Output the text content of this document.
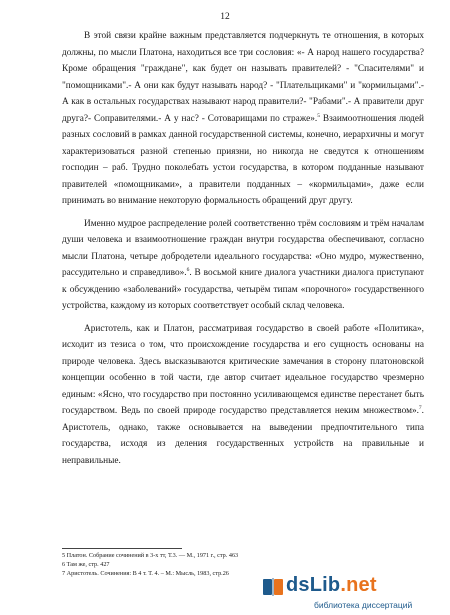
12

В этой связи крайне важным представляется подчеркнуть те отношения, в которых должны, по мысли Платона, находиться все три сословия: «- А народ нашего государства? Кроме обращения "граждане", как будет он называть правителей? - "Спасителями" и "помощниками".- А они как будут называть народ? - "Плательщиками" и "кормильцами".- А как в остальных государствах называют народ правители?- "Рабами".- А правители друг друга?- Соправителями.- А у нас? - Сотоварищами по страже».$^5$ Взаимоотношения людей разных сословий в рамках данной государственной системы, конечно, иерархичны и могут характеризоваться разной степенью приязни, но никогда не сведутся к отношениям господин – раб. Трудно поколебать устои государства, в котором подданные называют правителей «помощниками», а правители подданных – «кормильцами», даже если принимать во внимание некоторую формальность обращений друг другу.

Именно мудрое распределение ролей соответственно трём сословиям и трём началам души человека и взаимоотношение граждан внутри государства обеспечивают, согласно мысли Платона, четыре добродетели идеального государства: «Оно мудро, мужественно, рассудительно и справедливо».$^6$. В восьмой книге диалога участники диалога приступают к обсуждению «заболеваний» государства, четырём типам «порочного» государственного устройства, каждому из которых соответствует особый склад человека.

Аристотель, как и Платон, рассматривая государство в своей работе «Политика», исходит из тезиса о том, что происхождение государства и его сущность основаны на природе человека. Здесь высказываются критические замечания в сторону платоновской концепции особенно в той части, где автор считает идеальное государство чрезмерно единым: «Ясно, что государство при постоянно усиливающемся единстве перестанет быть государством. Ведь по своей природе государство представляется неким множеством».$^7$. Аристотель, однако, также основывается на выведении предпочтительного типа государства, исходя из деления государственных устройств на правильные и неправильные.

5 Платон. Собрание сочинений в 3-х тт, Т.3. — М., 1971 г., стр. 463
6 Там же, стр. 427
7 Аристотель. Сочинения: В 4 т. Т. 4. – М.: Мысль, 1983, стр.26
dsLib.net
библиотека диссертаций
